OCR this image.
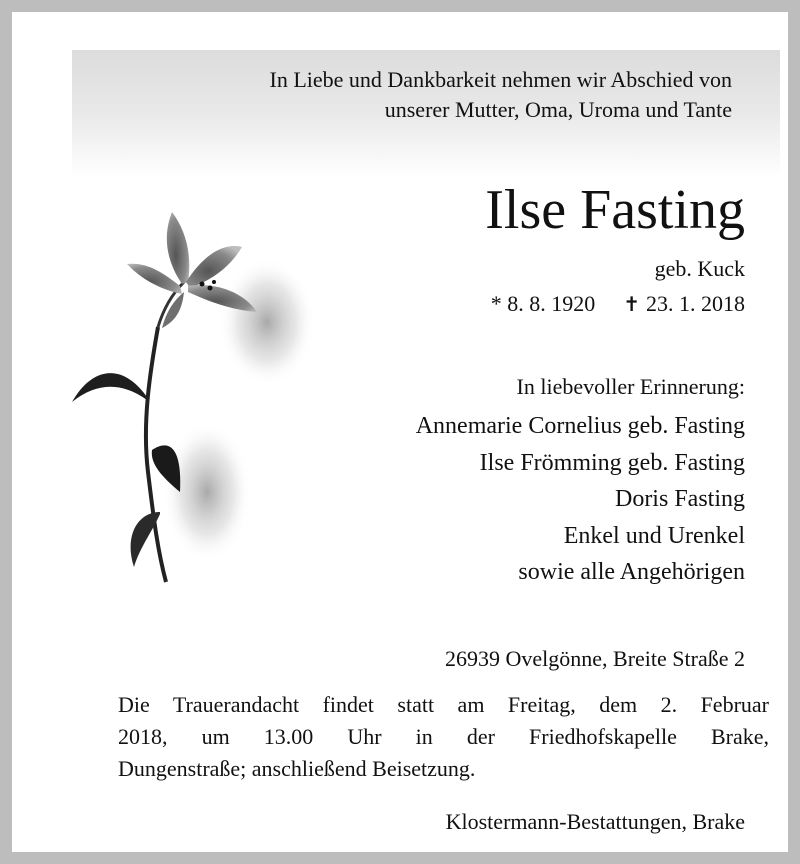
In Liebe und Dankbarkeit nehmen wir Abschied von
unserer Mutter, Oma, Uroma und Tante
Ilse Fasting
geb. Kuck
* 8. 8. 1920 ✝ 23. 1. 2018
In liebevoller Erinnerung:
Annemarie Cornelius geb. Fasting
Ilse Frömming geb. Fasting
Doris Fasting
Enkel und Urenkel
sowie alle Angehörigen
26939 Ovelgönne, Breite Straße 2
Die Trauerandacht findet statt am Freitag, dem 2. Februar
2018, um 13.00 Uhr in der Friedhofskapelle Brake,
Dungenstraße; anschließend Beisetzung.
Klostermann-Bestattungen, Brake
